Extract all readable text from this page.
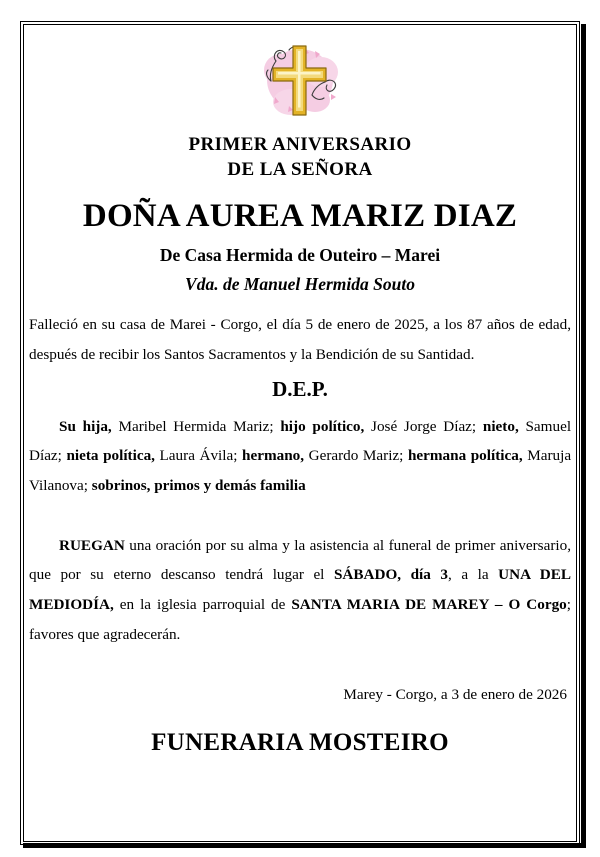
PRIMER ANIVERSARIO
DE LA SEÑORA
DOÑA AUREA MARIZ DIAZ
De Casa Hermida de Outeiro – Marei
Vda. de Manuel Hermida Souto
Falleció en su casa de Marei - Corgo, el día 5 de enero de 2025, a los 87 años de edad, después de recibir los Santos Sacramentos y la Bendición de su Santidad.
D.E.P.
Su hija, Maribel Hermida Mariz; hijo político, José Jorge Díaz; nieto, Samuel Díaz; nieta política, Laura Ávila; hermano, Gerardo Mariz; hermana política, Maruja Vilanova; sobrinos, primos y demás familia
RUEGAN una oración por su alma y la asistencia al funeral de primer aniversario, que por su eterno descanso tendrá lugar el SÁBADO, día 3, a la UNA DEL MEDIODÍA, en la iglesia parroquial de SANTA MARIA DE MAREY – O Corgo; favores que agradecerán.
Marey - Corgo, a 3 de enero de 2026
FUNERARIA MOSTEIRO
